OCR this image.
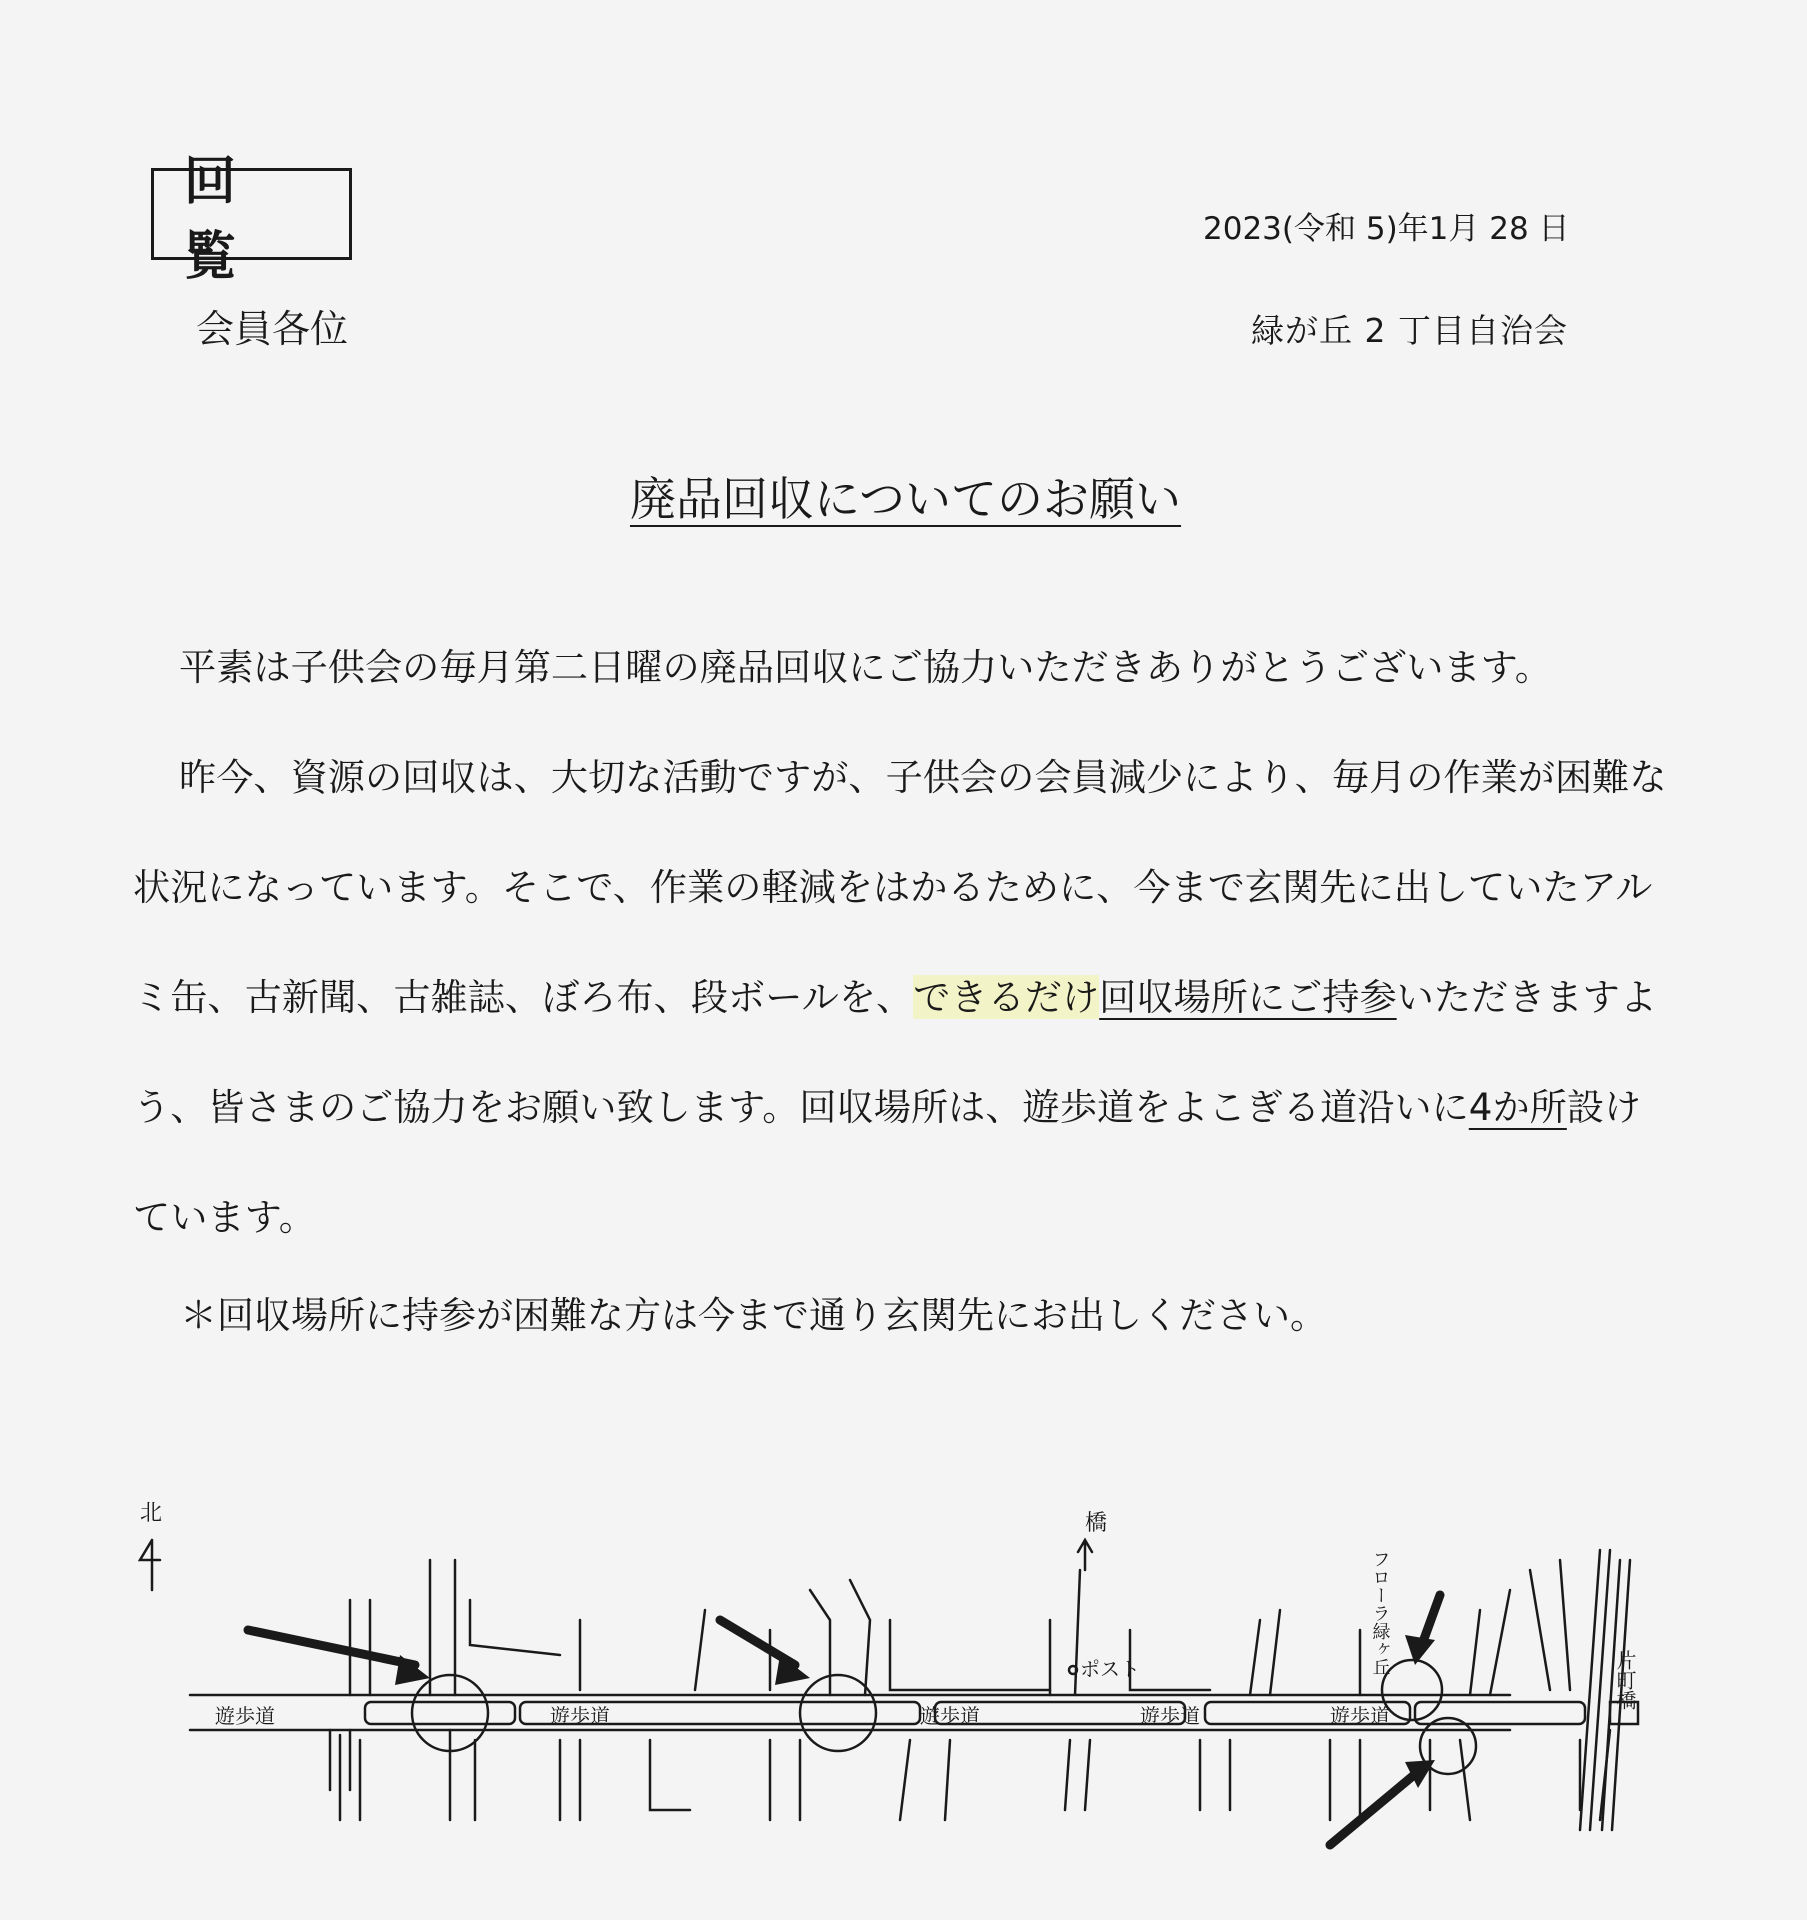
回覧
会員各位
2023(令和 5)年1月 28 日
緑が丘 2 丁目自治会
廃品回収についてのお願い

平素は子供会の毎月第二日曜の廃品回収にご協力いただきありがとうございます。

昨今、資源の回収は、大切な活動ですが、子供会の会員減少により、毎月の作業が困難な状況になっています。そこで、作業の軽減をはかるために、今まで玄関先に出していたアルミ缶、古新聞、古雑誌、ぼろ布、段ボールを、できるだけ回収場所にご持参いただきますよう、皆さまのご協力をお願い致します。回収場所は、遊歩道をよこぎる道沿いに4か所設けています。

＊回収場所に持参が困難な方は今まで通り玄関先にお出しください。
北
遊歩道	遊歩道	遊歩道	遊歩道	遊歩道
橋
ポスト	フローラ緑ヶ丘
片町橋
